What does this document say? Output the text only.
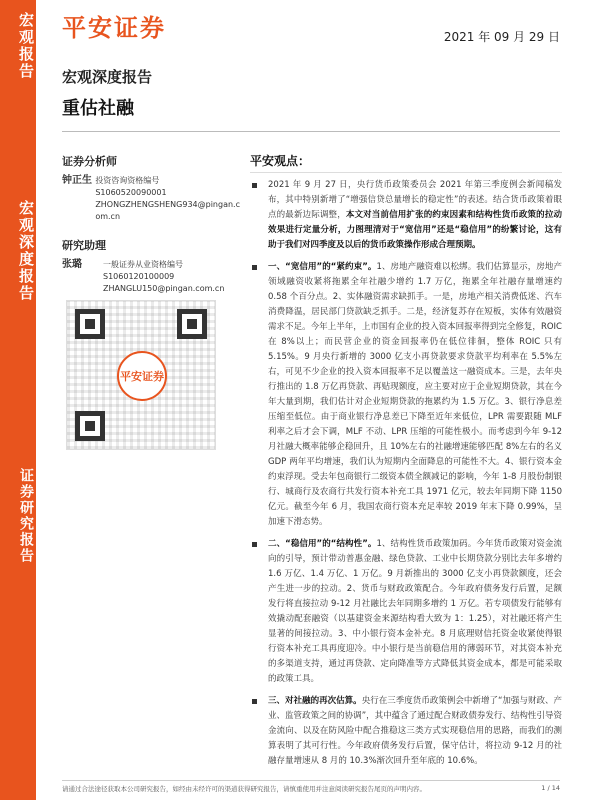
宏观报告
宏观深度报告
证券研究报告
平安证券	2021 年 09 月 29 日
宏观深度报告
重估社融
证券分析师
钟正生 投资咨询资格编号
S1060520090001
ZHONGZHENGSHENG934@pingan.c
om.cn
研究助理
张璐	一般证券从业资格编号
S1060120100009
ZHANGLU150@pingan.com.cn
平安证券
平安观点：
2021 年 9 月 27 日，央行货币政策委员会 2021 年第三季度例会新闻稿发布，其中特别新增了“增强信贷总量增长的稳定性”的表述。结合货币政策着眼点的最新边际调整，本文对当前信用扩张的约束因素和结构性货币政策的拉动效果进行定量分析，力图理清对于“宽信用”还是“稳信用”的纷繁讨论，这有助于我们对四季度及以后的货币政策操作形成合理预期。
一、“宽信用”的“紧约束”。1、房地产融资难以松绑。我们估算显示，房地产领域融资收紧将拖累全年社融少增约 1.7 万亿，拖累全年社融存量增速约 0.58 个百分点。2、实体融资需求缺抓手。一是，房地产相关消费低迷、汽车消费降温，居民部门贷款缺乏抓手。二是，经济复苏存在短板，实体有效融资需求不足。今年上半年，上市国有企业的投入资本回报率得到完全修复，ROIC 在 8%以上；而民营企业的资金回报率仍在低位徘徊，整体 ROIC 只有 5.15%。9 月央行新增的 3000 亿支小再贷款要求贷款平均利率在 5.5%左右，可见不少企业的投入资本回报率不足以覆盖这一融资成本。三是，去年央行推出的 1.8 万亿再贷款、再贴现额度，应主要对应于企业短期贷款，其在今年大量到期，我们估计对企业短期贷款的拖累约为 1.5 万亿。3、银行净息差压缩至低位。由于商业银行净息差已下降至近年来低位，LPR 需要跟随 MLF 利率之后才会下调，MLF 不动、LPR 压缩的可能性极小。而考虑到今年 9-12 月社融大概率能够企稳回升，且 10%左右的社融增速能够匹配 8%左右的名义 GDP 两年平均增速，我们认为短期内全面降息的可能性不大。4、银行资本金约束浮现。受去年包商银行二级资本债全额减记的影响，今年 1-8 月股份制银行、城商行及农商行共发行资本补充工具 1971 亿元，较去年同期下降 1150 亿元。截至今年 6 月，我国农商行资本充足率较 2019 年末下降 0.99%，呈加速下滑态势。
二、“稳信用”的“结构性”。1、结构性货币政策加码。今年货币政策对资金流向的引导，预计带动普惠金融、绿色贷款、工业中长期贷款分别比去年多增约 1.6 万亿、1.4 万亿、1 万亿。9 月新推出的 3000 亿支小再贷款额度，还会产生进一步的拉动。2、货币与财政政策配合。今年政府债务发行后置，足额发行将直接拉动 9-12 月社融比去年同期多增约 1 万亿。若专项债发行能够有效撬动配套融资（以基建资金来源结构看大致为 1：1.25），对社融还将产生显著的间接拉动。3、中小银行资本金补充。8 月底理财信托资金收紧使得银行资本补充工具再度迎冷。中小银行是当前稳信用的薄弱环节，对其资本补充的多渠道支持，通过再贷款、定向降准等方式降低其资金成本，都是可能采取的政策工具。
三、对社融的再次估算。央行在三季度货币政策例会中新增了“加强与财政、产业、监管政策之间的协调”，其中蕴含了通过配合财政债券发行、结构性引导资金流向、以及在防风险中配合推稳这三类方式实现稳信用的思路，而我们的测算表明了其可行性。今年政府债务发行后置，保守估计，将拉动 9-12 月的社融存量增速从 8 月的 10.3%渐次回升至年底的 10.6%。
请通过合法途径获取本公司研究报告，如经由未经许可的渠道获得研究报告，请慎重使用并注意阅读研究报告尾页的声明内容。	1 / 14
